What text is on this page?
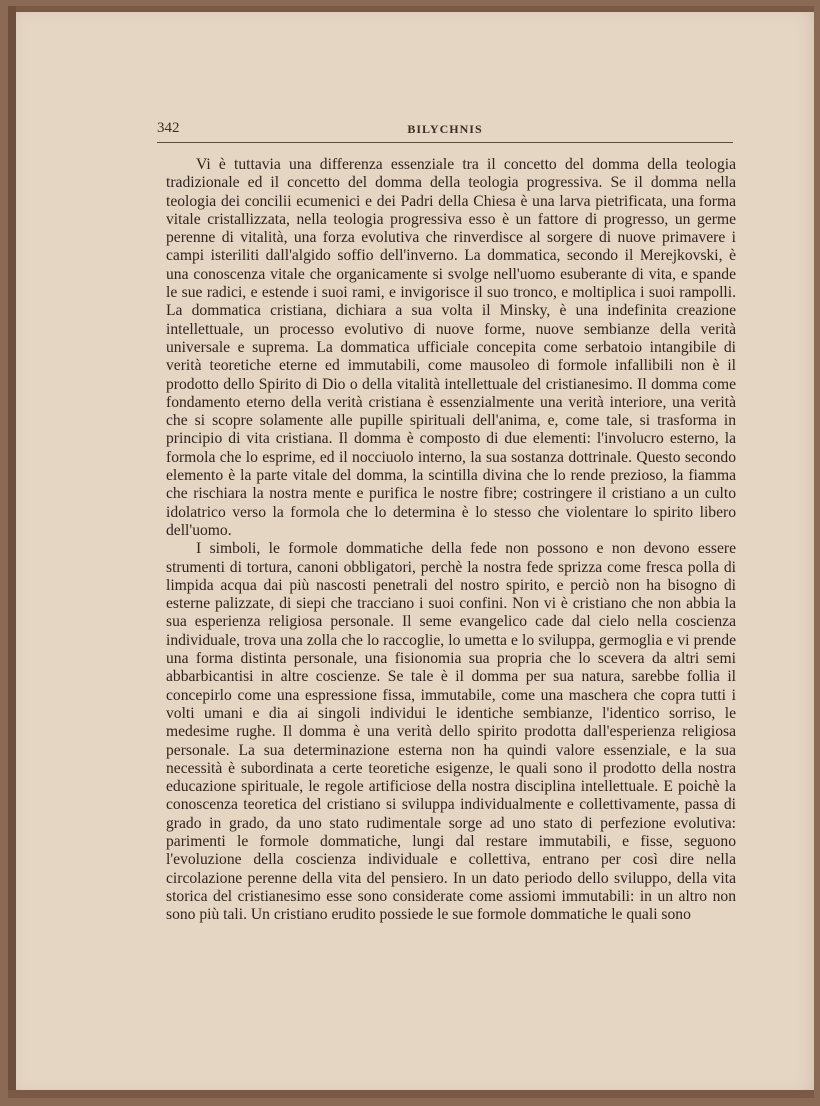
342	BILYCHNIS

Vi è tuttavia una differenza essenziale tra il concetto del domma della teologia tradizionale ed il concetto del domma della teologia progressiva. Se il domma nella teologia dei concilii ecumenici e dei Padri della Chiesa è una larva pietrificata, una forma vitale cristallizzata, nella teologia progressiva esso è un fattore di progresso, un germe perenne di vitalità, una forza evolutiva che rinverdisce al sorgere di nuove primavere i campi isteriliti dall'algido soffio dell'inverno. La dommatica, secondo il Merejkovski, è una conoscenza vitale che organicamente si svolge nell'uomo esuberante di vita, e spande le sue radici, e estende i suoi rami, e invigorisce il suo tronco, e moltiplica i suoi rampolli. La dommatica cristiana, dichiara a sua volta il Minsky, è una indefinita creazione intellettuale, un processo evolutivo di nuove forme, nuove sembianze della verità universale e suprema. La dommatica ufficiale concepita come serbatoio intangibile di verità teoretiche eterne ed immutabili, come mausoleo di formole infallibili non è il prodotto dello Spirito di Dio o della vitalità intellettuale del cristianesimo. Il domma come fondamento eterno della verità cristiana è essenzialmente una verità interiore, una verità che si scopre solamente alle pupille spirituali dell'anima, e, come tale, si trasforma in principio di vita cristiana. Il domma è composto di due elementi: l'involucro esterno, la formola che lo esprime, ed il nocciuolo interno, la sua sostanza dottrinale. Questo secondo elemento è la parte vitale del domma, la scintilla divina che lo rende prezioso, la fiamma che rischiara la nostra mente e purifica le nostre fibre; costringere il cristiano a un culto idolatrico verso la formola che lo determina è lo stesso che violentare lo spirito libero dell'uomo.

I simboli, le formole dommatiche della fede non possono e non devono essere strumenti di tortura, canoni obbligatori, perchè la nostra fede sprizza come fresca polla di limpida acqua dai più nascosti penetrali del nostro spirito, e perciò non ha bisogno di esterne palizzate, di siepi che tracciano i suoi confini. Non vi è cristiano che non abbia la sua esperienza religiosa personale. Il seme evangelico cade dal cielo nella coscienza individuale, trova una zolla che lo raccoglie, lo umetta e lo sviluppa, germoglia e vi prende una forma distinta personale, una fisionomia sua propria che lo scevera da altri semi abbarbicantisi in altre coscienze. Se tale è il domma per sua natura, sarebbe follia il concepirlo come una espressione fissa, immutabile, come una maschera che copra tutti i volti umani e dia ai singoli individui le identiche sembianze, l'identico sorriso, le medesime rughe. Il domma è una verità dello spirito prodotta dall'esperienza religiosa personale. La sua determinazione esterna non ha quindi valore essenziale, e la sua necessità è subordinata a certe teoretiche esigenze, le quali sono il prodotto della nostra educazione spirituale, le regole artificiose della nostra disciplina intellettuale. E poichè la conoscenza teoretica del cristiano si sviluppa individualmente e collettivamente, passa di grado in grado, da uno stato rudimentale sorge ad uno stato di perfezione evolutiva: parimenti le formole dommatiche, lungi dal restare immutabili, e fisse, seguono l'evoluzione della coscienza individuale e collettiva, entrano per così dire nella circolazione perenne della vita del pensiero. In un dato periodo dello sviluppo, della vita storica del cristianesimo esse sono considerate come assiomi immutabili: in un altro non sono più tali. Un cristiano erudito possiede le sue formole dommatiche le quali sono
